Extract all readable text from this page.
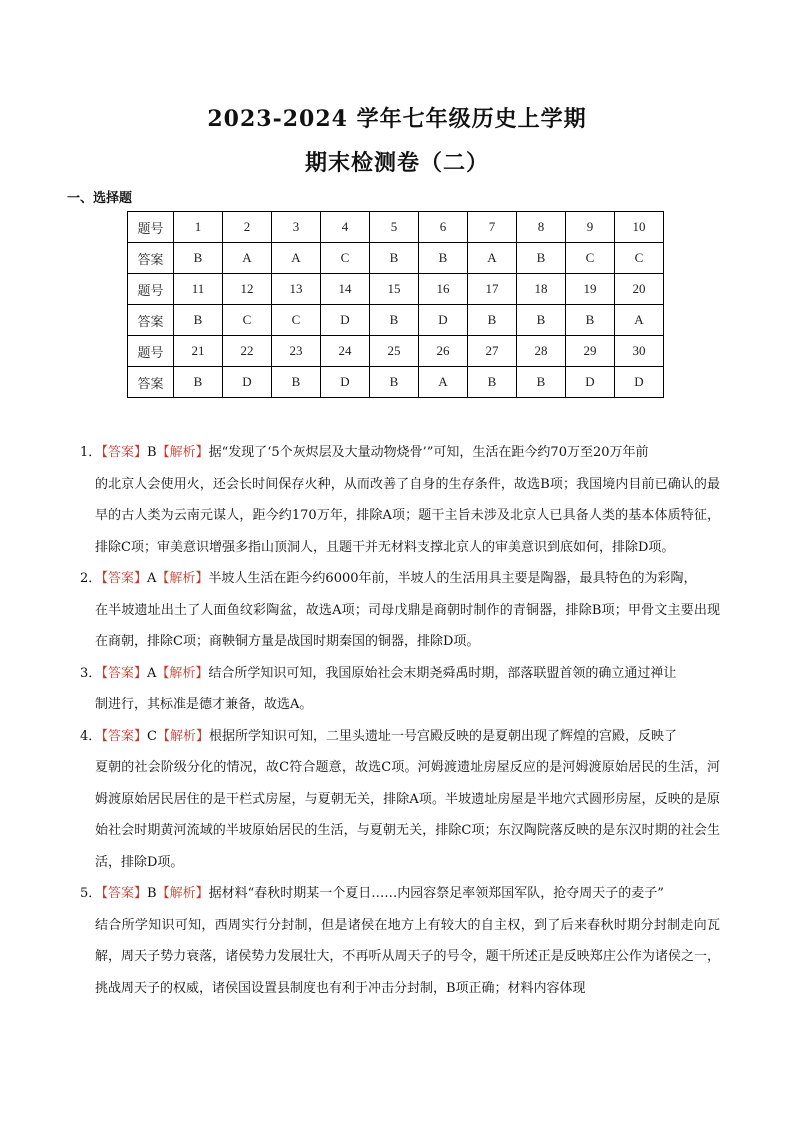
2023-2024 学年七年级历史上学期
期末检测卷（二）
一、选择题
题号	1	2	3	4	5	6	7	8	9	10
答案	B	A	A	C	B	B	A	B	C	C
题号	11	12	13	14	15	16	17	18	19	20
答案	B	C	C	D	B	D	B	B	B	A
题号	21	22	23	24	25	26	27	28	29	30
答案	B	D	B	D	B	A	B	B	D	D
1．【答案】B【解析】据“发现了‘5个灰烬层及大量动物烧骨’”可知，生活在距今约70万至20万年前
的北京人会使用火，还会长时间保存火种，从而改善了自身的生存条件，故选B项；我国境内目前已确认的最早的古人类为云南元谋人，距今约170万年，排除A项；题干主旨未涉及北京人已具备人类的基本体质特征，排除C项；审美意识增强多指山顶洞人，且题干并无材料支撑北京人的审美意识到底如何，排除D项。
2．【答案】A【解析】半坡人生活在距今约6000年前，半坡人的生活用具主要是陶器，最具特色的为彩陶，
在半坡遗址出土了人面鱼纹彩陶盆，故选A项；司母戊鼎是商朝时制作的青铜器，排除B项；甲骨文主要出现在商朝，排除C项；商鞅铜方量是战国时期秦国的铜器，排除D项。
3．【答案】A【解析】结合所学知识可知，我国原始社会末期尧舜禹时期，部落联盟首领的确立通过禅让
制进行，其标准是德才兼备，故选A。
4．【答案】C【解析】根据所学知识可知，二里头遗址一号宫殿反映的是夏朝出现了辉煌的宫殿，反映了
夏朝的社会阶级分化的情况，故C符合题意，故选C项。河姆渡遗址房屋反应的是河姆渡原始居民的生活，河姆渡原始居民居住的是干栏式房屋，与夏朝无关，排除A项。半坡遗址房屋是半地穴式圆形房屋，反映的是原始社会时期黄河流域的半坡原始居民的生活，与夏朝无关，排除C项；东汉陶院落反映的是东汉时期的社会生活，排除D项。
5．【答案】B【解析】据材料“春秋时期某一个夏日……内园容祭足率领郑国军队，抢夺周天子的麦子”
结合所学知识可知，西周实行分封制，但是诸侯在地方上有较大的自主权，到了后来春秋时期分封制走向瓦解，周天子势力衰落，诸侯势力发展壮大，不再听从周天子的号令，题干所述正是反映郑庄公作为诸侯之一，挑战周天子的权威，诸侯国设置县制度也有利于冲击分封制，B项正确；材料内容体现
